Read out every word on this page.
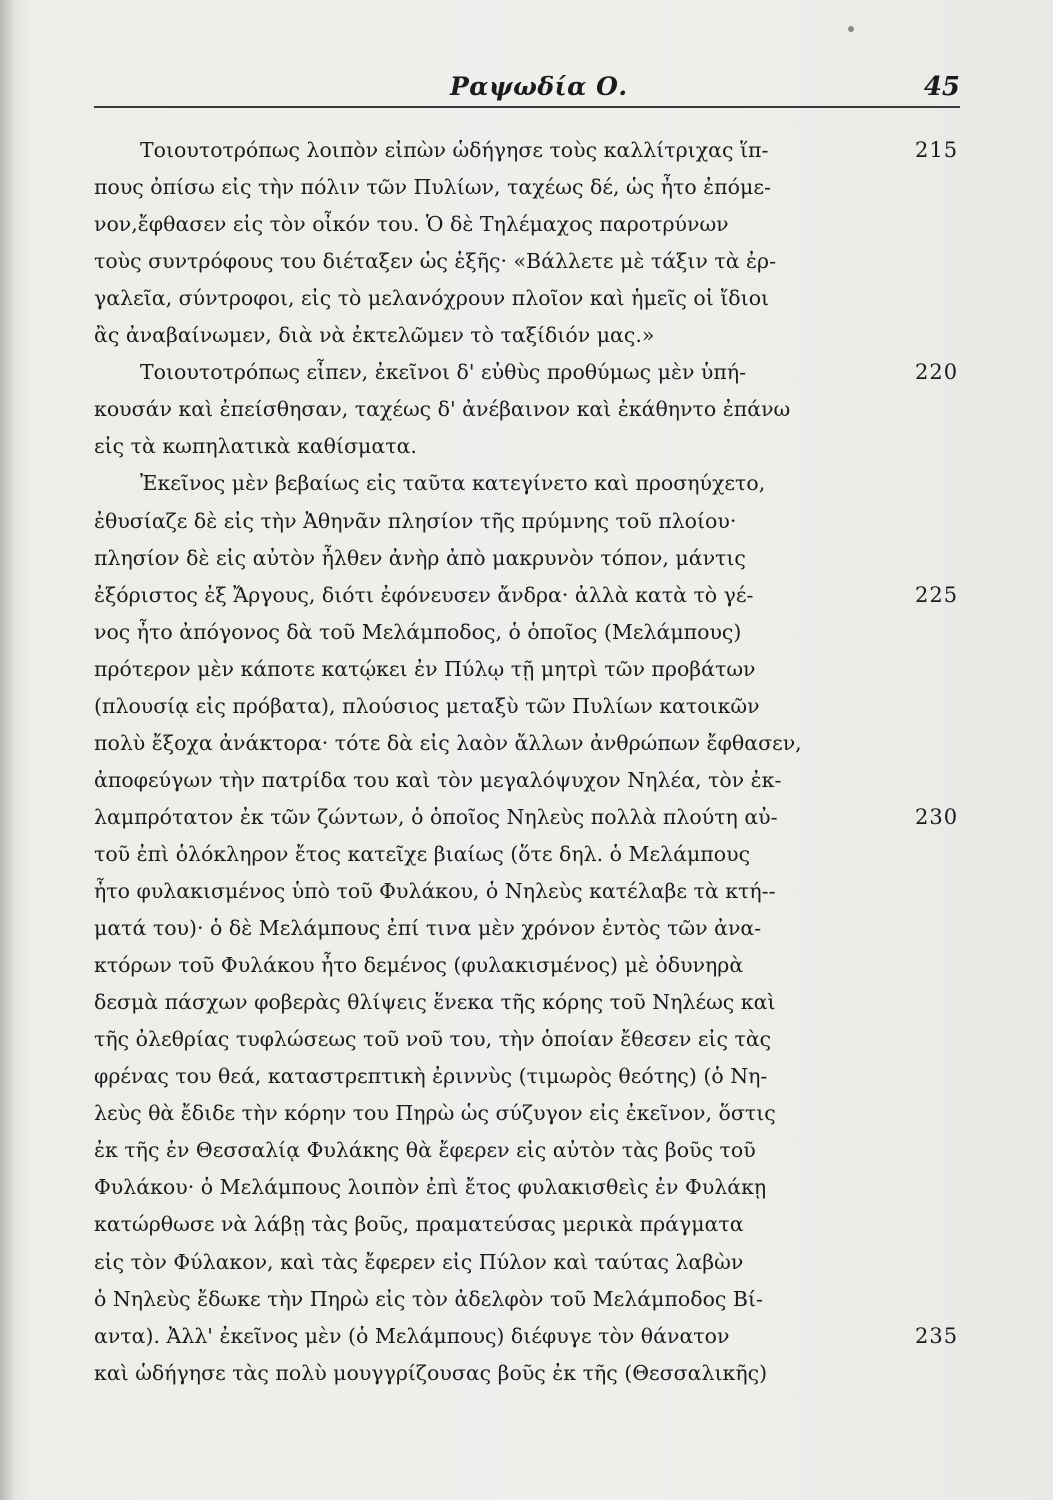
Ραψωδία Ο.	45
Τοιουτοτρόπως λοιπὸν εἰπὼν ὡδήγησε τοὺς καλλίτριχας ἵπ-
πους ὀπίσω εἰς τὴν πόλιν τῶν Πυλίων, ταχέως δέ, ὡς ἦτο ἐπόμε-
νον,ἔφθασεν εἰς τὸν οἶκόν του. Ὁ δὲ Τηλέμαχος παροτρύνων
τοὺς συντρόφους του διέταξεν ὡς ἑξῆς· «Βάλλετε μὲ τάξιν τὰ ἐρ-
γαλεῖα, σύντροφοι, εἰς τὸ μελανόχρουν πλοῖον καὶ ἡμεῖς οἱ ἴδιοι
ἂς ἀναβαίνωμεν, διὰ νὰ ἐκτελῶμεν τὸ ταξίδιόν μας.»
Τοιουτοτρόπως εἶπεν, ἐκεῖνοι δ' εὐθὺς προθύμως μὲν ὑπή-
κουσάν καὶ ἐπείσθησαν, ταχέως δ' ἀνέβαινον καὶ ἐκάθηντο ἐπάνω
εἰς τὰ κωπηλατικὰ καθίσματα.
Ἐκεῖνος μὲν βεβαίως εἰς ταῦτα κατεγίνετο καὶ προσηύχετο,
ἐθυσίαζε δὲ εἰς τὴν Ἀθηνᾶν πλησίον τῆς πρύμνης τοῦ πλοίου·
πλησίον δὲ εἰς αὐτὸν ἦλθεν ἀνὴρ ἀπὸ μακρυνὸν τόπον, μάντις
ἐξόριστος ἐξ Ἄργους, διότι ἐφόνευσεν ἄνδρα· ἀλλὰ κατὰ τὸ γέ-
νος ἦτο ἀπόγονος δὰ τοῦ Μελάμποδος, ὁ ὁποῖος (Μελάμπους)
πρότερον μὲν κάποτε κατῴκει ἐν Πύλῳ τῇ μητρὶ τῶν προβάτων
(πλουσίᾳ εἰς πρόβατα), πλούσιος μεταξὺ τῶν Πυλίων κατοικῶν
πολὺ ἔξοχα ἀνάκτορα· τότε δὰ εἰς λαὸν ἄλλων ἀνθρώπων ἔφθασεν,
ἀποφεύγων τὴν πατρίδα του καὶ τὸν μεγαλόψυχον Νηλέα, τὸν ἐκ-
λαμπρότατον ἐκ τῶν ζώντων, ὁ ὁποῖος Νηλεὺς πολλὰ πλούτη αὐ-
τοῦ ἐπὶ ὁλόκληρον ἔτος κατεῖχε βιαίως (ὅτε δηλ. ὁ Μελάμπους
ἦτο φυλακισμένος ὑπὸ τοῦ Φυλάκου, ὁ Νηλεὺς κατέλαβε τὰ κτή--
ματά του)· ὁ δὲ Μελάμπους ἐπί τινα μὲν χρόνον ἐντὸς τῶν ἀνα-
κτόρων τοῦ Φυλάκου ἦτο δεμένος (φυλακισμένος) μὲ ὀδυνηρὰ
δεσμὰ πάσχων φοβερὰς θλίψεις ἕνεκα τῆς κόρης τοῦ Νηλέως καὶ
τῆς ὀλεθρίας τυφλώσεως τοῦ νοῦ του, τὴν ὁποίαν ἔθεσεν εἰς τὰς
φρένας του θεά, καταστρεπτικὴ ἐριννὺς (τιμωρὸς θεότης) (ὁ Νη-
λεὺς θὰ ἔδιδε τὴν κόρην του Πηρὼ ὡς σύζυγον εἰς ἐκεῖνον, ὅστις
ἐκ τῆς ἐν Θεσσαλίᾳ Φυλάκης θὰ ἔφερεν εἰς αὐτὸν τὰς βοῦς τοῦ
Φυλάκου· ὁ Μελάμπους λοιπὸν ἐπὶ ἔτος φυλακισθεὶς ἐν Φυλάκῃ
κατώρθωσε νὰ λάβῃ τὰς βοῦς, πραματεύσας μερικὰ πράγματα
εἰς τὸν Φύλακον, καὶ τὰς ἔφερεν εἰς Πύλον καὶ ταύτας λαβὼν
ὁ Νηλεὺς ἔδωκε τὴν Πηρὼ εἰς τὸν ἀδελφὸν τοῦ Μελάμποδος Βί-
αντα). Ἀλλ' ἐκεῖνος μὲν (ὁ Μελάμπους) διέφυγε τὸν θάνατον
καὶ ὡδήγησε τὰς πολὺ μουγγρίζουσας βοῦς ἐκ τῆς (Θεσσαλικῆς)
215
220
225
230
235
